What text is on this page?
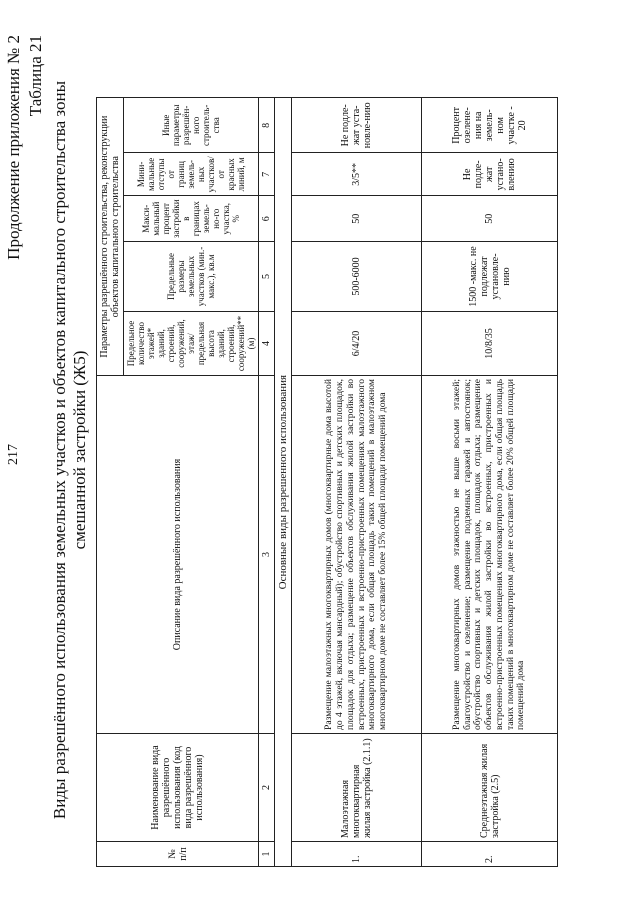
217
Продолжение приложения № 2 Таблица 21
Виды разрешённого использования земельных участков и объектов капитального строительства зоны смешанной застройки (Ж5)
№ п/п	Наименование вида разрешённого использования (код вида разрешённого использования)	Описание вида разрешённого использования	Параметры разрешённого строительства, реконструкции объектов капитального строительства				
			Предельное количество этажей* зданий, строений, сооружений, этаж/предельная высота зданий, строений, сооружений** (м)	Предельные размеры земельных участков (мин.-макс.), кв.м	Макси-мальный процент застройки в границах земель-но-го участка, %	Мини-мальные отступы от границ земель-ных участков/ от красных линий, м	Иные параметры разрешён-ного строитель-ства
1	2	3	4	5	6	7	8
Основные виды разрешенного использования							
1.	Малоэтажная многоквартирная жилая застройка (2.1.1)	Размещение малоэтажных многоквартирных домов (многоквартирные дома высотой до 4 этажей, включая мансардный); обустройство спортивных и детских площадок, площадок для отдыха; размещение объектов обслуживания жилой застройки во встроенных, пристроенных и встроенно-пристроенных помещениях малоэтажного многоквартирного дома, если общая площадь таких помещений в малоэтажном многоквартирном доме не составляет более 15% общей площади помещений дома	6/4/20	500-6000	50	3/5**	Не подле-жат уста-новле-нию
2.	Среднеэтажная жилая застройка (2.5)	Размещение многоквартирных домов этажностью не выше восьми этажей; благоустройство и озеленение; размещение подземных гаражей и автостоянок; обустройство спортивных и детских площадок, площадок отдыха; размещение объектов обслуживания жилой застройки во встроенных, пристроенных и встроенно-пристроенных помещениях многоквартирного дома, если общая площадь таких помещений в многоквартирном доме не составляет более 20% общей площади помещений дома	10/8/35	1500 -макс. не подлежат установле-нию	50	Не подле-жат устано-влению	Процент озелене-ния на земель-ном участке - 20
